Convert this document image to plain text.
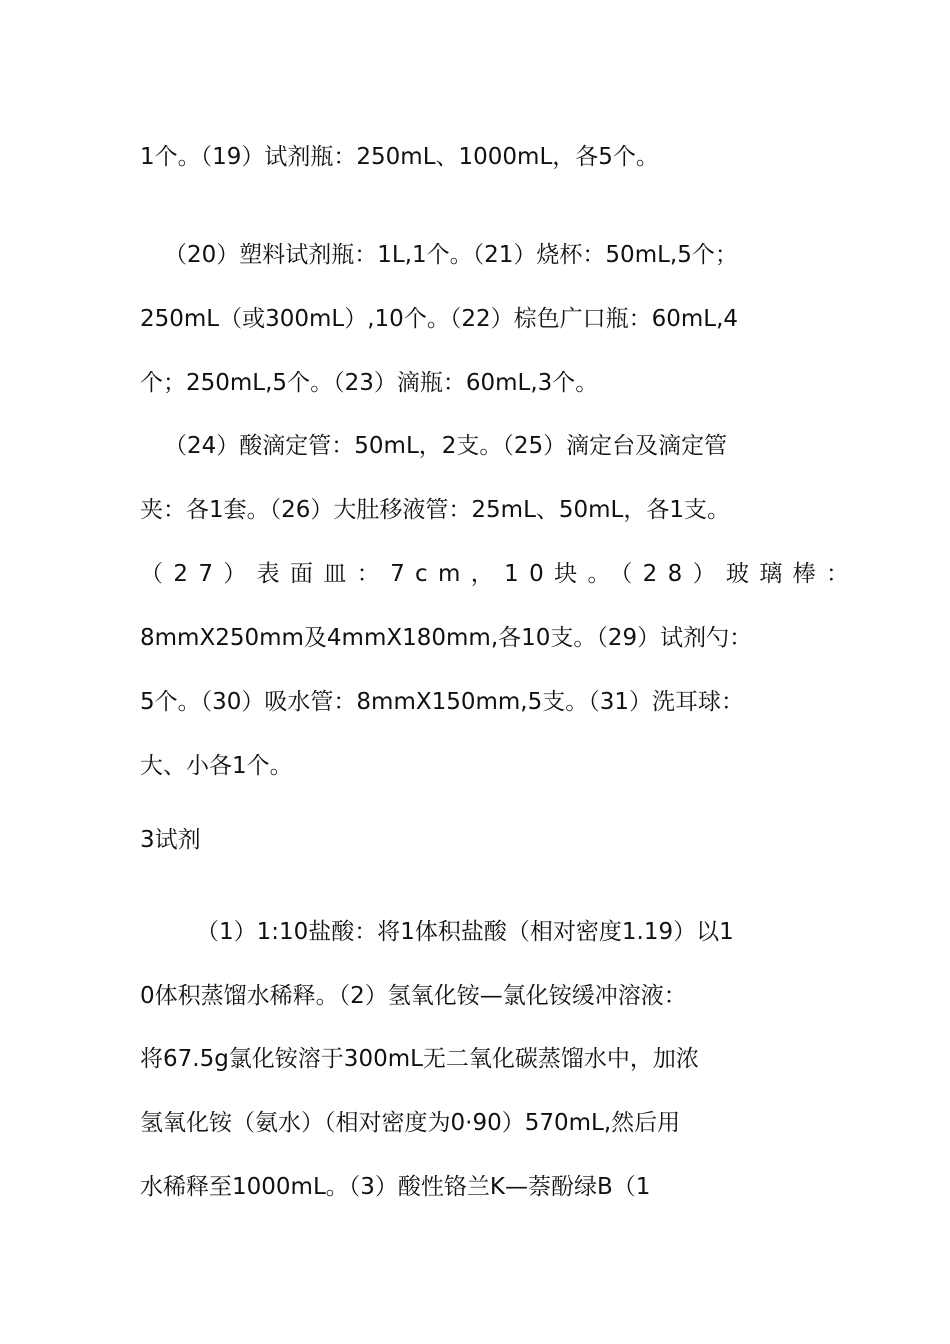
1个。（19）试剂瓶：250mL、1000mL，各5个。
（20）塑料试剂瓶：1L,1个。（21）烧杯：50mL,5个；
250mL（或300mL）,10个。（22）棕色广口瓶：60mL,4
个；250mL,5个。（23）滴瓶：60mL,3个。
（24）酸滴定管：50mL，2支。（25）滴定台及滴定管
夹：各1套。（26）大肚移液管：25mL、50mL，各1支。
（27）表面皿：7cm，10块。（28）玻璃棒：
8mmX250mm及4mmX180mm,各10支。（29）试剂勺：
5个。（30）吸水管：8mmX150mm,5支。（31）洗耳球：
大、小各1个。
3试剂
（1）1:10盐酸：将1体积盐酸（相对密度1.19）以1
0体积蒸馏水稀释。（2）氢氧化铵—氯化铵缓冲溶液：
将67.5g氯化铵溶于300mL无二氧化碳蒸馏水中，加浓
氢氧化铵（氨水）（相对密度为0·90）570mL,然后用
水稀释至1000mL。（3）酸性铬兰K—萘酚绿B（1
